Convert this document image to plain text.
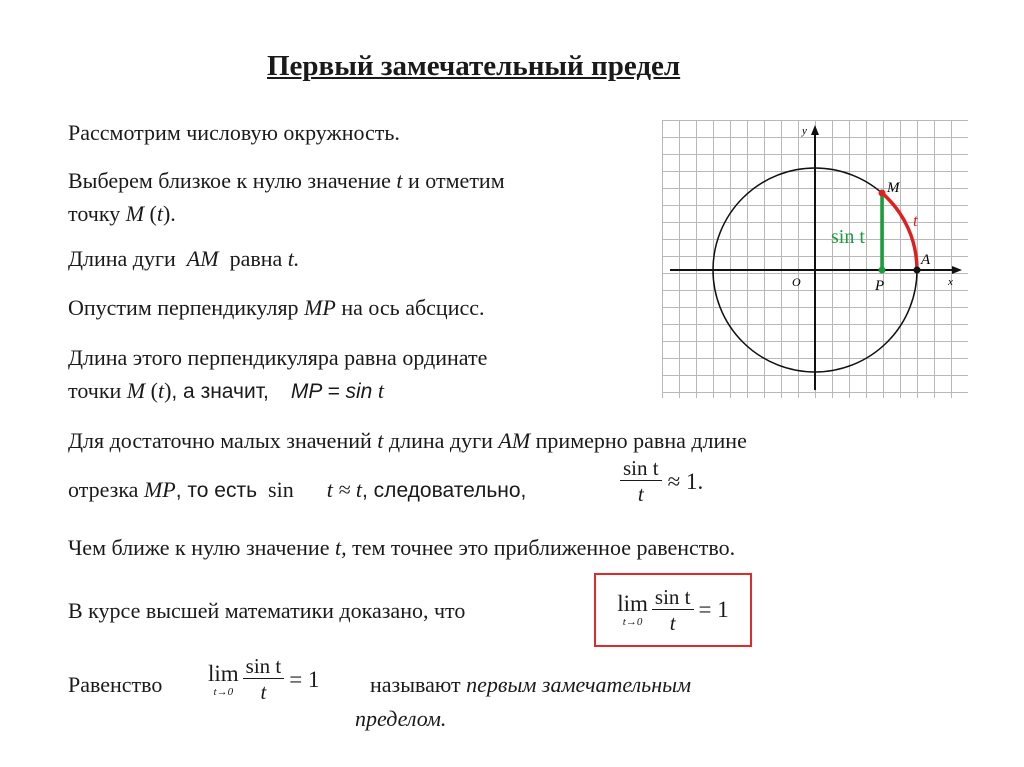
Первый замечательный предел
Рассмотрим числовую окружность.
Выберем близкое к нулю значение t и отметим
точку M (t).
Длина дуги AM равна t.
Опустим перпендикуляр MP на ось абсцисс.
Длина этого перпендикуляра равна ординате
точки M (t), а значит, MP = sin t
Для достаточно малых значений t длина дуги AM примерно равна длине
отрезка MP, то есть sin t ≈ t, следовательно,	$\frac{\text{sin t}}{t} \approx 1$.
Чем ближе к нулю значение t, тем точнее это приближенное равенство.
В курсе высшей математики доказано, что	lim
$t\to 0 \frac{\text{sin t}}{t} = 1$
Равенство lim
$t\to 0 \frac{\text{sin t}}{t} = 1$ называют первым замечательным
пределом.
y
x
O
M
t
sin t
A
P
